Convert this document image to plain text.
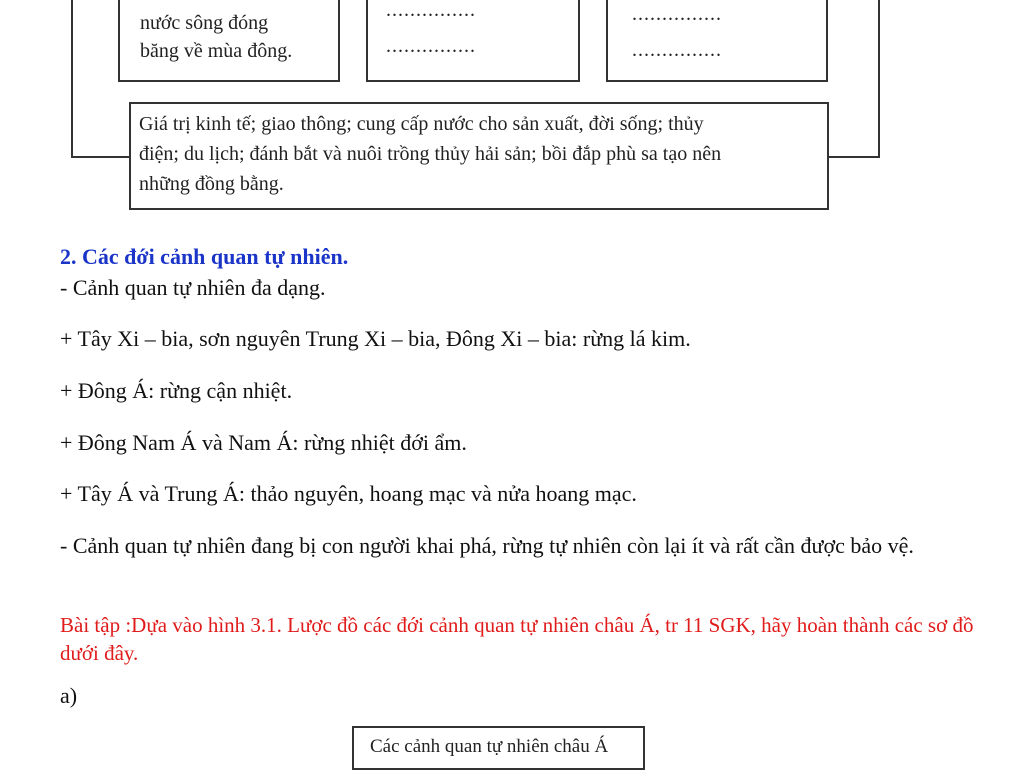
nước sông đóng
băng về mùa đông.
...............
...............
...............
...............
Giá trị kinh tế; giao thông; cung cấp nước cho sản xuất, đời sống; thủy
điện; du lịch; đánh bắt và nuôi trồng thủy hải sản; bồi đắp phù sa tạo nên
những đồng bằng.
2. Các đới cảnh quan tự nhiên.
- Cảnh quan tự nhiên đa dạng.
+ Tây Xi – bia, sơn nguyên Trung Xi – bia, Đông Xi – bia: rừng lá kim.
+ Đông Á: rừng cận nhiệt.
+ Đông Nam Á và Nam Á: rừng nhiệt đới ẩm.
+ Tây Á và Trung Á: thảo nguyên, hoang mạc và nửa hoang mạc.
- Cảnh quan tự nhiên đang bị con người khai phá, rừng tự nhiên còn lại ít và rất cần được bảo vệ.
Bài tập :Dựa vào hình 3.1. Lược đồ các đới cảnh quan tự nhiên châu Á, tr 11 SGK, hãy hoàn thành các sơ đồ dưới đây.
a)
Các cảnh quan tự nhiên châu Á
